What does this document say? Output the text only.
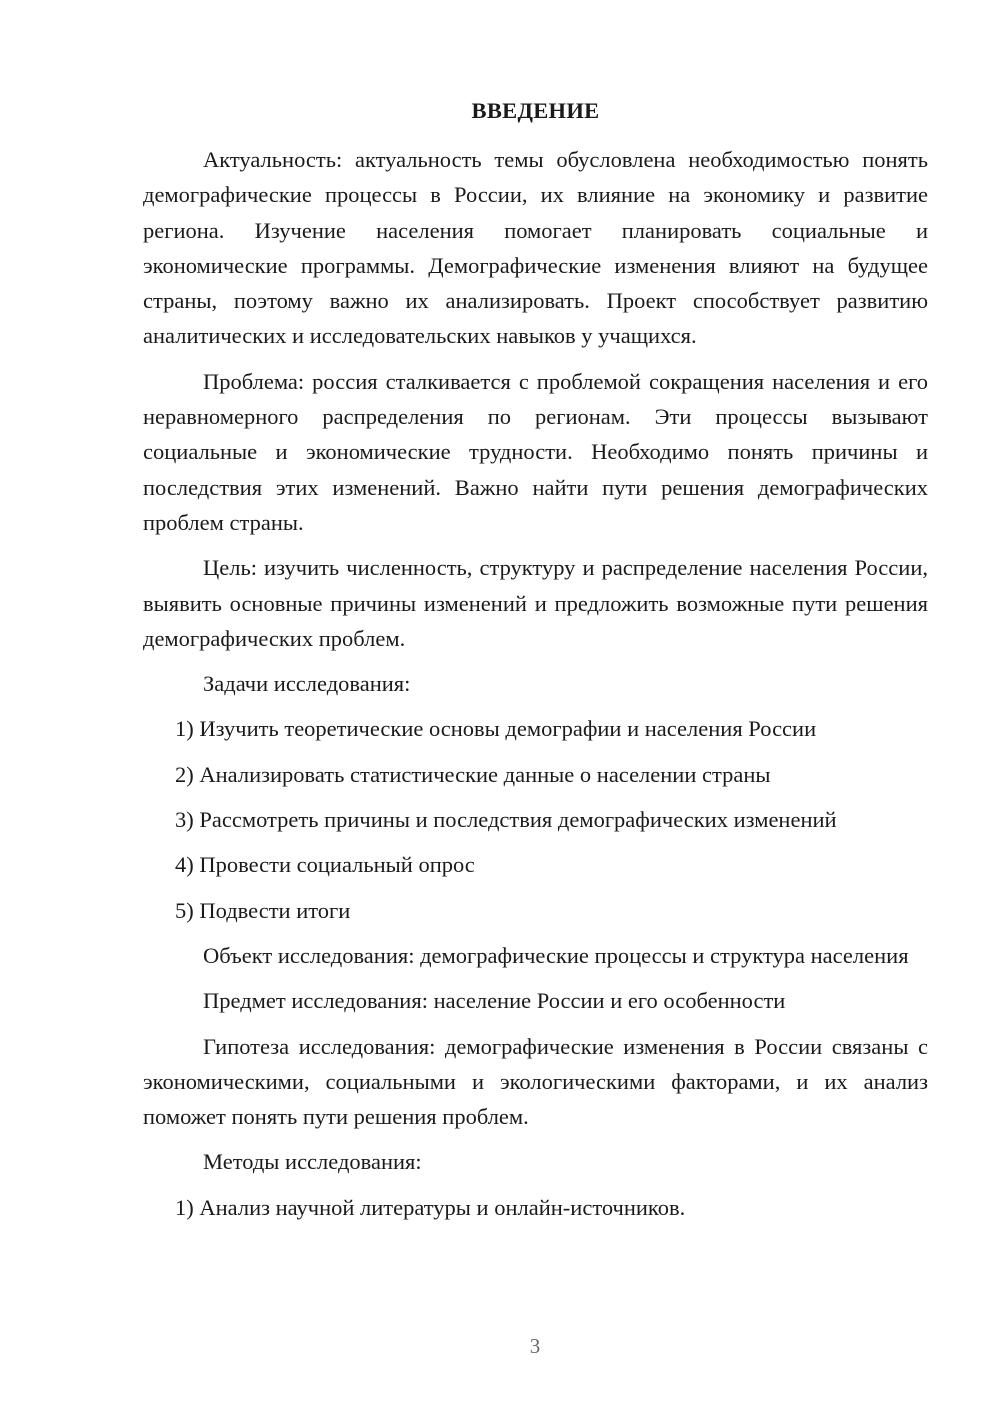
ВВЕДЕНИЕ

Актуальность: актуальность темы обусловлена необходимостью понять демографические процессы в России, их влияние на экономику и развитие региона. Изучение населения помогает планировать социальные и экономические программы. Демографические изменения влияют на будущее страны, поэтому важно их анализировать. Проект способствует развитию аналитических и исследовательских навыков у учащихся.

Проблема: россия сталкивается с проблемой сокращения населения и его неравномерного распределения по регионам. Эти процессы вызывают социальные и экономические трудности. Необходимо понять причины и последствия этих изменений. Важно найти пути решения демографических проблем страны.

Цель: изучить численность, структуру и распределение населения России, выявить основные причины изменений и предложить возможные пути решения демографических проблем.

Задачи исследования:

1) Изучить теоретические основы демографии и населения России
2) Анализировать статистические данные о населении страны
3) Рассмотреть причины и последствия демографических изменений
4) Провести социальный опрос
5) Подвести итоги

Объект исследования: демографические процессы и структура населения

Предмет исследования: население России и его особенности

Гипотеза исследования: демографические изменения в России связаны с экономическими, социальными и экологическими факторами, и их анализ поможет понять пути решения проблем.

Методы исследования:

1) Анализ научной литературы и онлайн-источников.
3
